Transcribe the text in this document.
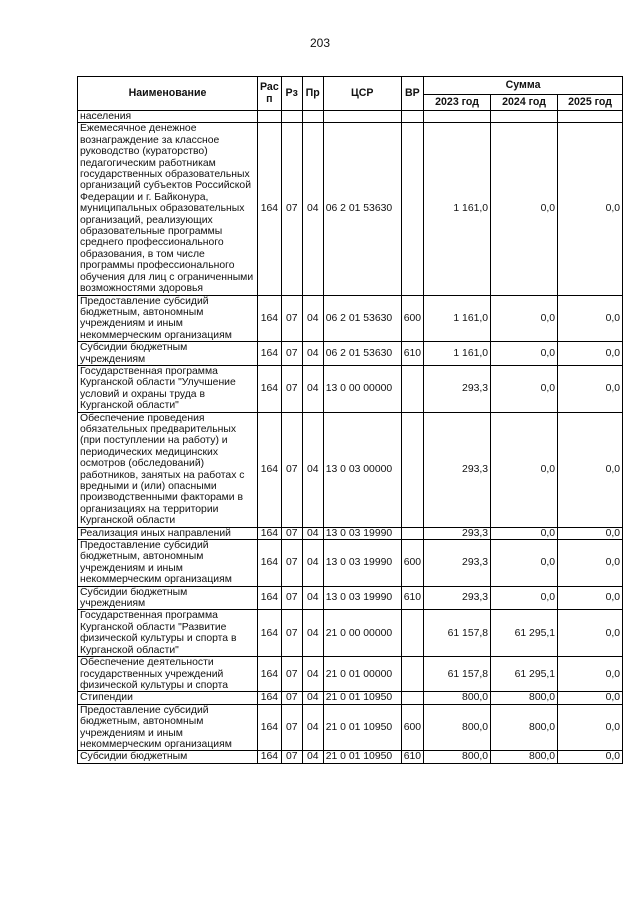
203
Наименование	Рас п	Рз	Пр	ЦСР	ВР	Сумма		
						2023 год	2024 год	2025 год
населения								
Ежемесячное денежное вознаграждение за классное руководство (кураторство) педагогическим работникам государственных образовательных организаций субъектов Российской Федерации и г. Байконура, муниципальных образовательных организаций, реализующих образовательные программы среднего профессионального образования, в том числе программы профессионального обучения для лиц с ограниченными возможностями здоровья	164	07	04	06 2 01 53630		1 161,0	0,0	0,0
Предоставление субсидий бюджетным, автономным учреждениям и иным некоммерческим организациям	164	07	04	06 2 01 53630	600	1 161,0	0,0	0,0
Субсидии бюджетным учреждениям	164	07	04	06 2 01 53630	610	1 161,0	0,0	0,0
Государственная программа Курганской области "Улучшение условий и охраны труда в Курганской области"	164	07	04	13 0 00 00000		293,3	0,0	0,0
Обеспечение проведения обязательных предварительных (при поступлении на работу) и периодических медицинских осмотров (обследований) работников, занятых на работах с вредными и (или) опасными производственными факторами в организациях на территории Курганской области	164	07	04	13 0 03 00000		293,3	0,0	0,0
Реализация иных направлений	164	07	04	13 0 03 19990		293,3	0,0	0,0
Предоставление субсидий бюджетным, автономным учреждениям и иным некоммерческим организациям	164	07	04	13 0 03 19990	600	293,3	0,0	0,0
Субсидии бюджетным учреждениям	164	07	04	13 0 03 19990	610	293,3	0,0	0,0
Государственная программа Курганской области "Развитие физической культуры и спорта в Курганской области"	164	07	04	21 0 00 00000		61 157,8	61 295,1	0,0
Обеспечение деятельности государственных учреждений физической культуры и спорта	164	07	04	21 0 01 00000		61 157,8	61 295,1	0,0
Стипендии	164	07	04	21 0 01 10950		800,0	800,0	0,0
Предоставление субсидий бюджетным, автономным учреждениям и иным некоммерческим организациям	164	07	04	21 0 01 10950	600	800,0	800,0	0,0
Субсидии бюджетным	164	07	04	21 0 01 10950	610	800,0	800,0	0,0
